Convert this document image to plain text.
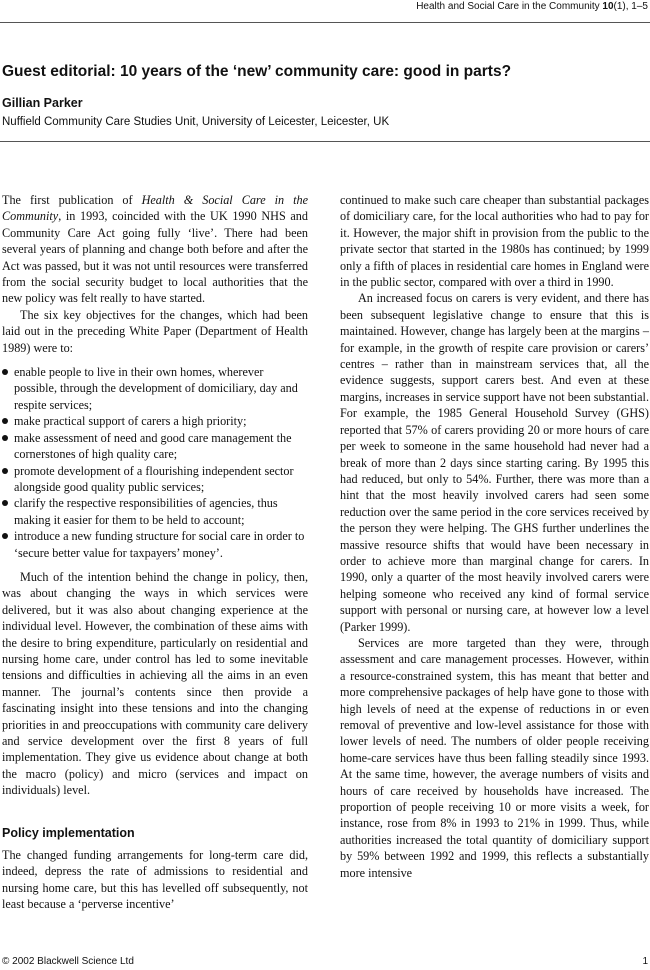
Health and Social Care in the Community 10(1), 1–5
Guest editorial: 10 years of the ‘new’ community care: good in parts?
Gillian Parker
Nuffield Community Care Studies Unit, University of Leicester, Leicester, UK

The first publication of Health & Social Care in the Community, in 1993, coincided with the UK 1990 NHS and Community Care Act going fully ‘live’. There had been several years of planning and change both before and after the Act was passed, but it was not until resources were transferred from the social security budget to local authorities that the new policy was felt really to have started.

The six key objectives for the changes, which had been laid out in the preceding White Paper (Department of Health 1989) were to:

enable people to live in their own homes, wherever possible, through the development of domiciliary, day and respite services;
make practical support of carers a high priority;
make assessment of need and good care management the cornerstones of high quality care;
promote development of a flourishing independent sector alongside good quality public services;
clarify the respective responsibilities of agencies, thus making it easier for them to be held to account;
introduce a new funding structure for social care in order to ‘secure better value for taxpayers’ money’.

Much of the intention behind the change in policy, then, was about changing the ways in which services were delivered, but it was also about changing experience at the individual level. However, the combination of these aims with the desire to bring expenditure, particularly on residential and nursing home care, under control has led to some inevitable tensions and difficulties in achieving all the aims in an even manner. The journal’s contents since then provide a fascinating insight into these tensions and into the changing priorities in and preoccupations with community care delivery and service development over the first 8 years of full implementation. They give us evidence about change at both the macro (policy) and micro (services and impact on individuals) level.

Policy implementation

The changed funding arrangements for long-term care did, indeed, depress the rate of admissions to residential and nursing home care, but this has levelled off subsequently, not least because a ‘perverse incentive’

continued to make such care cheaper than substantial packages of domiciliary care, for the local authorities who had to pay for it. However, the major shift in provision from the public to the private sector that started in the 1980s has continued; by 1999 only a fifth of places in residential care homes in England were in the public sector, compared with over a third in 1990.

An increased focus on carers is very evident, and there has been subsequent legislative change to ensure that this is maintained. However, change has largely been at the margins – for example, in the growth of respite care provision or carers’ centres – rather than in mainstream services that, all the evidence suggests, support carers best. And even at these margins, increases in service support have not been substantial. For example, the 1985 General Household Survey (GHS) reported that 57% of carers providing 20 or more hours of care per week to someone in the same household had never had a break of more than 2 days since starting caring. By 1995 this had reduced, but only to 54%. Further, there was more than a hint that the most heavily involved carers had seen some reduction over the same period in the core services received by the person they were helping. The GHS further underlines the massive resource shifts that would have been necessary in order to achieve more than marginal change for carers. In 1990, only a quarter of the most heavily involved carers were helping someone who received any kind of formal service support with personal or nursing care, at however low a level (Parker 1999).

Services are more targeted than they were, through assessment and care management processes. However, within a resource-constrained system, this has meant that better and more comprehensive packages of help have gone to those with high levels of need at the expense of reductions in or even removal of preventive and low-level assistance for those with lower levels of need. The numbers of older people receiving home-care services have thus been falling steadily since 1993. At the same time, however, the average numbers of visits and hours of care received by households have increased. The proportion of people receiving 10 or more visits a week, for instance, rose from 8% in 1993 to 21% in 1999. Thus, while authorities increased the total quantity of domiciliary support by 59% between 1992 and 1999, this reflects a substantially more intensive

© 2002 Blackwell Science Ltd	1
